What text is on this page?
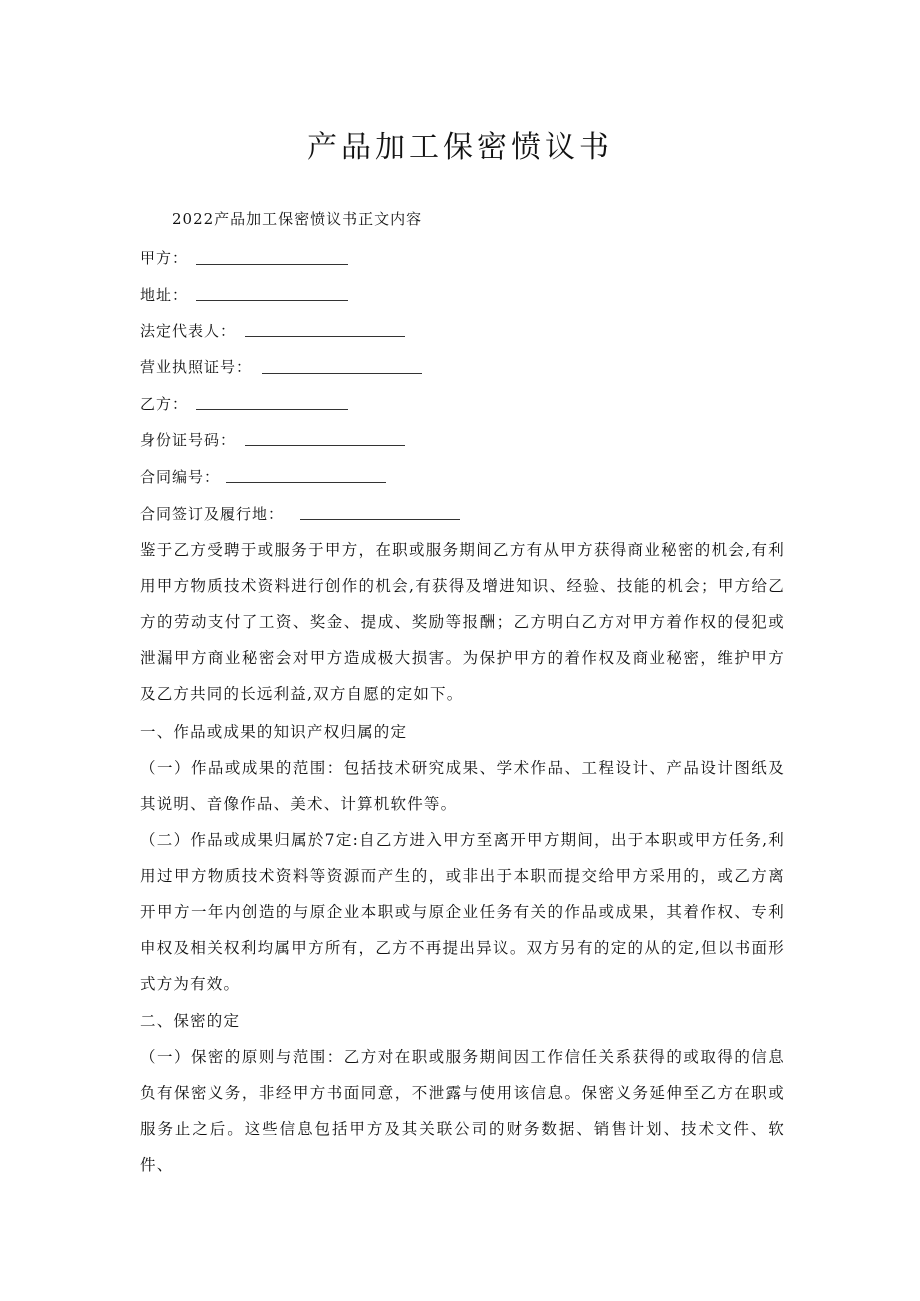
产品加工保密愤议书
2022产品加工保密愤议书正文内容
甲方：
地址：
法定代表人：
营业执照证号：
乙方：
身份证号码：
合同编号：
合同签订及履行地：

鉴于乙方受聘于或服务于甲方，在职或服务期间乙方有从甲方获得商业秘密的机会,有利用甲方物质技术资料进行创作的机会,有获得及增进知识、经验、技能的机会；甲方给乙方的劳动支付了工资、奖金、提成、奖励等报酬；乙方明白乙方对甲方着作权的侵犯或泄漏甲方商业秘密会对甲方造成极大损害。为保护甲方的着作权及商业秘密，维护甲方及乙方共同的长远利益,双方自愿的定如下。

一、作品或成果的知识产权归属的定

（一）作品或成果的范围：包括技术研究成果、学术作品、工程设计、产品设计图纸及其说明、音像作品、美术、计算机软件等。

（二）作品或成果归属於7定:自乙方进入甲方至离开甲方期间，出于本职或甲方任务,利用过甲方物质技术资料等资源而产生的，或非出于本职而提交给甲方采用的，或乙方离开甲方一年内创造的与原企业本职或与原企业任务有关的作品或成果，其着作权、专利申权及相关权利均属甲方所有，乙方不再提出异议。双方另有的定的从的定,但以书面形式方为有效。

二、保密的定

（一）保密的原则与范围：乙方对在职或服务期间因工作信任关系获得的或取得的信息负有保密义务，非经甲方书面同意，不泄露与使用该信息。保密义务延伸至乙方在职或服务止之后。这些信息包括甲方及其关联公司的财务数据、销售计划、技术文件、软件、
